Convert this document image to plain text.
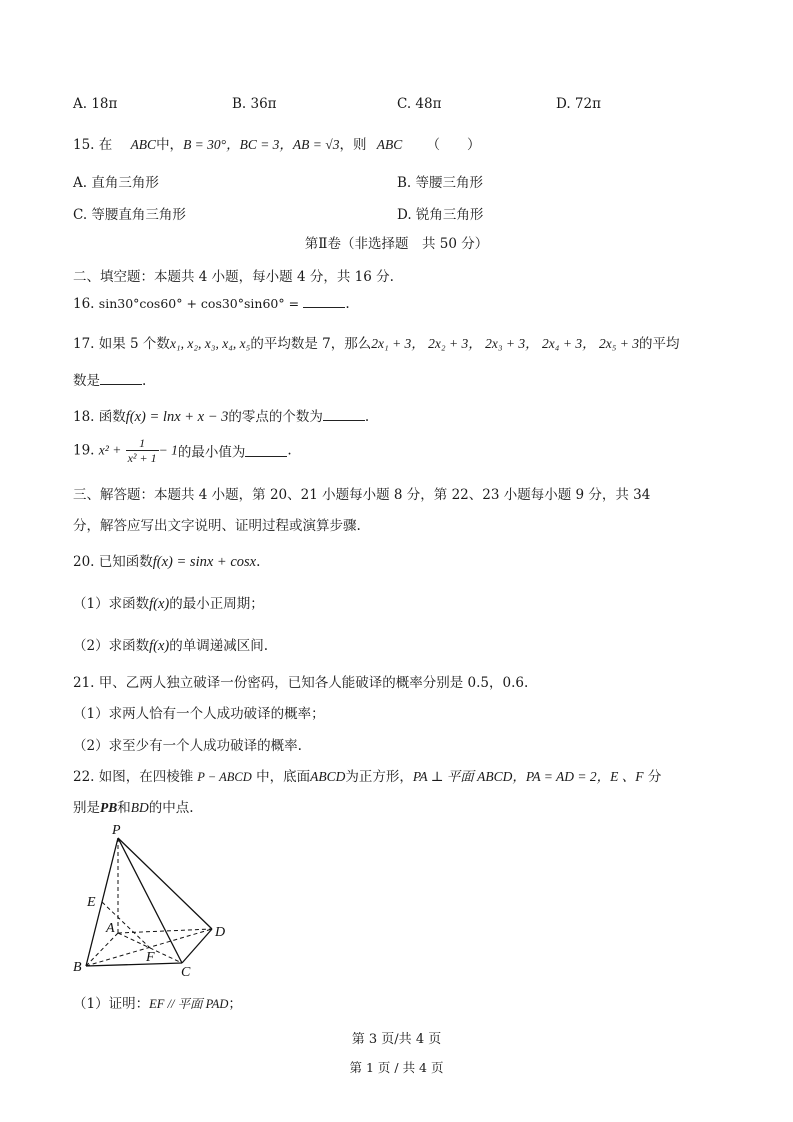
A. 18π	B. 36π	C. 48π	D. 72π
15. 在 ABC中，B = 30°，BC = 3，AB = √3，则 ABC （　　）
A. 直角三角形	B. 等腰三角形
C. 等腰直角三角形	D. 锐角三角形
第Ⅱ卷（非选择题　共 50 分）
二、填空题：本题共 4 小题，每小题 4 分，共 16 分.
16. sin30°cos60° + cos30°sin60° =	.
17. 如果 5 个数x₁, x₂, x₃, x₄, x₅的平均数是 7，那么2x₁ + 3， 2x₂ + 3， 2x₃ + 3， 2x₄ + 3， 2x₅ + 3的平均
数是	.
18. 函数f(x) = lnx + x − 3的零点的个数为	.
19. $x^2 + \frac{1}{\text{x² + 1}} - 1$的最小值为	.
三、解答题：本题共 4 小题，第 20、21 小题每小题 8 分，第 22、23 小题每小题 9 分，共 34
分，解答应写出文字说明、证明过程或演算步骤.
20. 已知函数f(x) = sinx + cosx.
（1）求函数f(x)的最小正周期；
（2）求函数f(x)的单调递减区间.
21. 甲、乙两人独立破译一份密码，已知各人能破译的概率分别是 0.5，0.6.
（1）求两人恰有一个人成功破译的概率；
（2）求至少有一个人成功破译的概率.
22. 如图，在四棱锥 P − ABCD 中，底面ABCD为正方形，PA ⊥ 平面 ABCD，PA = AD = 2，E 、F 分
别是PB和BD的中点.
P
E
A	D
B
F
C
（1）证明：EF // 平面 PAD；
第 3 页/共 4 页
第 1 页 / 共 4 页
